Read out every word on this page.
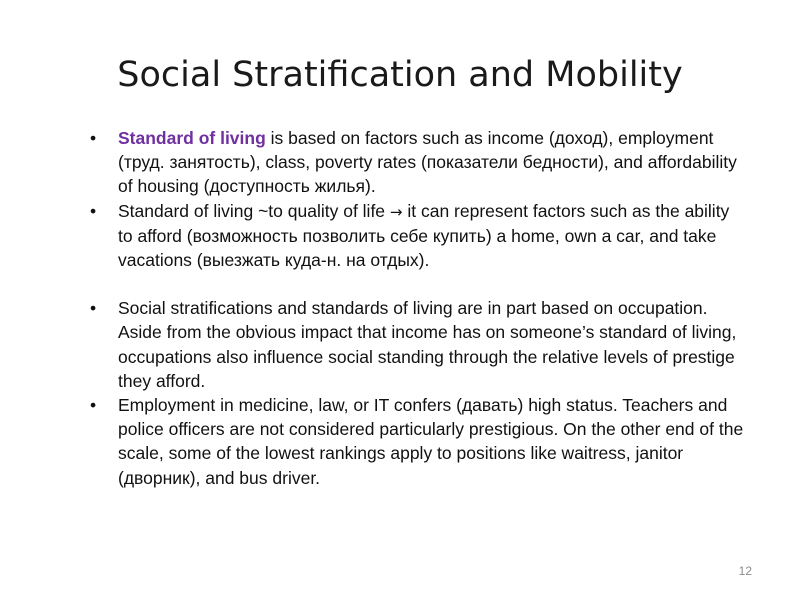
Social Stratification and Mobility

•	Standard of living is based on factors such as income (доход), employment (труд. занятость), class, poverty rates (показатели бедности), and affordability of housing (доступность жилья).

•	Standard of living ~to quality of life → it can represent factors such as the ability to afford (возможность позволить себе купить) a home, own a car, and take vacations (выезжать куда-н. на отдых).

•	Social stratifications and standards of living are in part based on occupation. Aside from the obvious impact that income has on someone’s standard of living, occupations also influence social standing through the relative levels of prestige they afford.

•	Employment in medicine, law, or IT confers (давать) high status. Teachers and police officers are not considered particularly prestigious. On the other end of the scale, some of the lowest rankings apply to positions like waitress, janitor (дворник), and bus driver.

12
